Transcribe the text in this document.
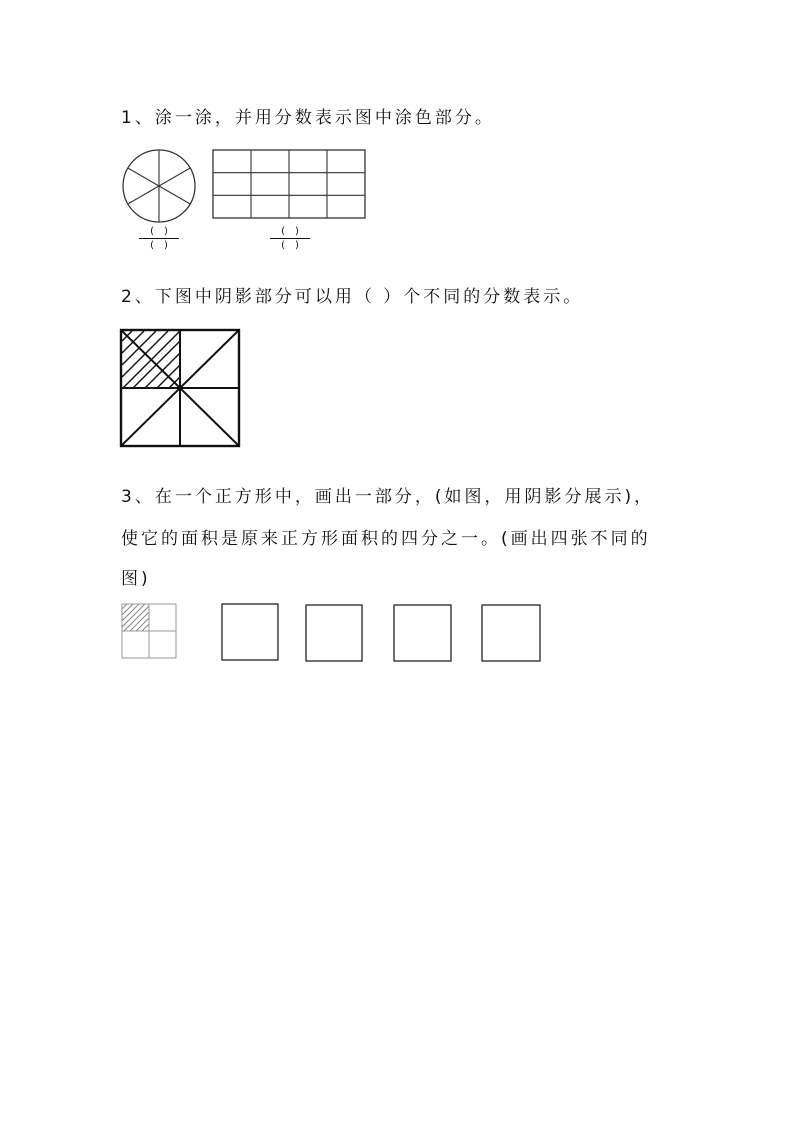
1、涂一涂，并用分数表示图中涂色部分。
()
()
()
()
2、下图中阴影部分可以用（ ）个不同的分数表示。
3、在一个正方形中，画出一部分，(如图，用阴影分展示)，
使它的面积是原来正方形面积的四分之一。(画出四张不同的
图)
